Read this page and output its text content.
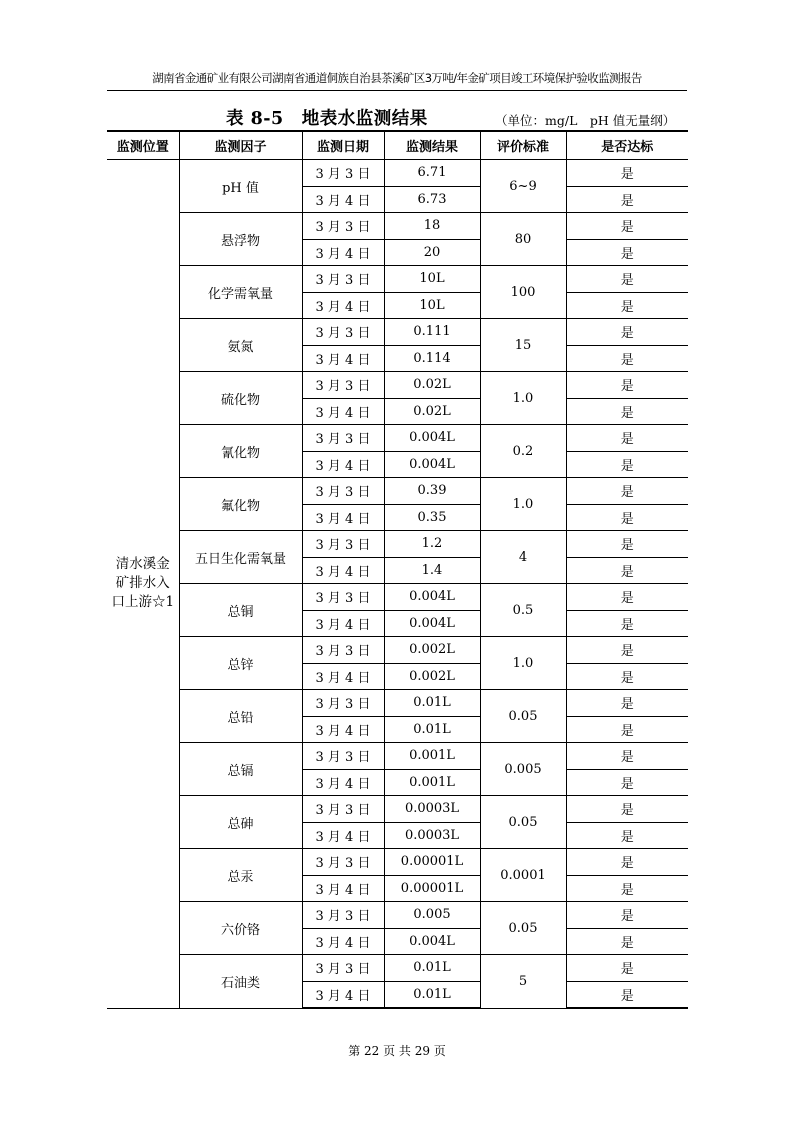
湖南省金通矿业有限公司湖南省通道侗族自治县茶溪矿区3万吨/年金矿项目竣工环境保护验收监测报告
表 8-5　地表水监测结果	（单位：mg/L　pH 值无量纲）
监测位置	监测因子	监测日期	监测结果	评价标准	是否达标
清水溪金矿排水入口上游☆1	pH 值	3 月 3 日	6.71	6~9	是
		3 月 4 日	6.73		是
	悬浮物	3 月 3 日	18	80	是
		3 月 4 日	20		是
	化学需氧量	3 月 3 日	10L	100	是
		3 月 4 日	10L		是
	氨氮	3 月 3 日	0.111	15	是
		3 月 4 日	0.114		是
	硫化物	3 月 3 日	0.02L	1.0	是
		3 月 4 日	0.02L		是
	氰化物	3 月 3 日	0.004L	0.2	是
		3 月 4 日	0.004L		是
	氟化物	3 月 3 日	0.39	1.0	是
		3 月 4 日	0.35		是
	五日生化需氧量	3 月 3 日	1.2	4	是
		3 月 4 日	1.4		是
	总铜	3 月 3 日	0.004L	0.5	是
		3 月 4 日	0.004L		是
	总锌	3 月 3 日	0.002L	1.0	是
		3 月 4 日	0.002L		是
	总铅	3 月 3 日	0.01L	0.05	是
		3 月 4 日	0.01L		是
	总镉	3 月 3 日	0.001L	0.005	是
		3 月 4 日	0.001L		是
	总砷	3 月 3 日	0.0003L	0.05	是
		3 月 4 日	0.0003L		是
	总汞	3 月 3 日	0.00001L	0.0001	是
		3 月 4 日	0.00001L		是
	六价铬	3 月 3 日	0.005	0.05	是
		3 月 4 日	0.004L		是
	石油类	3 月 3 日	0.01L	5	是
		3 月 4 日	0.01L		是
第 22 页 共 29 页
